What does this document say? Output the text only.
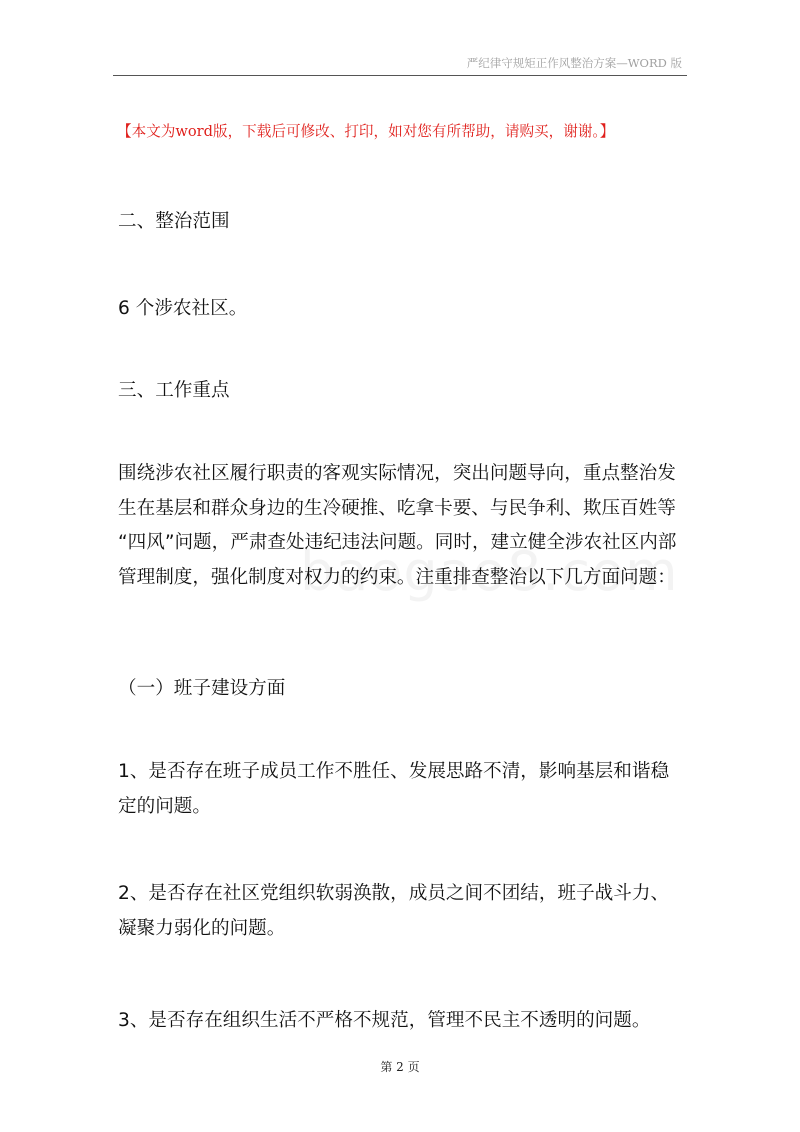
严纪律守规矩正作风整治方案—WORD 版
【本文为word版，下载后可修改、打印，如对您有所帮助，请购买，谢谢。】
二、整治范围
6 个涉农社区。
三、工作重点
围绕涉农社区履行职责的客观实际情况，突出问题导向，重点整治发
生在基层和群众身边的生冷硬推、吃拿卡要、与民争利、欺压百姓等
“四风”问题，严肃查处违纪违法问题。同时，建立健全涉农社区内部
管理制度，强化制度对权力的约束。注重排查整治以下几方面问题：
（一）班子建设方面
1、是否存在班子成员工作不胜任、发展思路不清，影响基层和谐稳
定的问题。
2、是否存在社区党组织软弱涣散，成员之间不团结，班子战斗力、
凝聚力弱化的问题。
3、是否存在组织生活不严格不规范，管理不民主不透明的问题。
第 2 页
